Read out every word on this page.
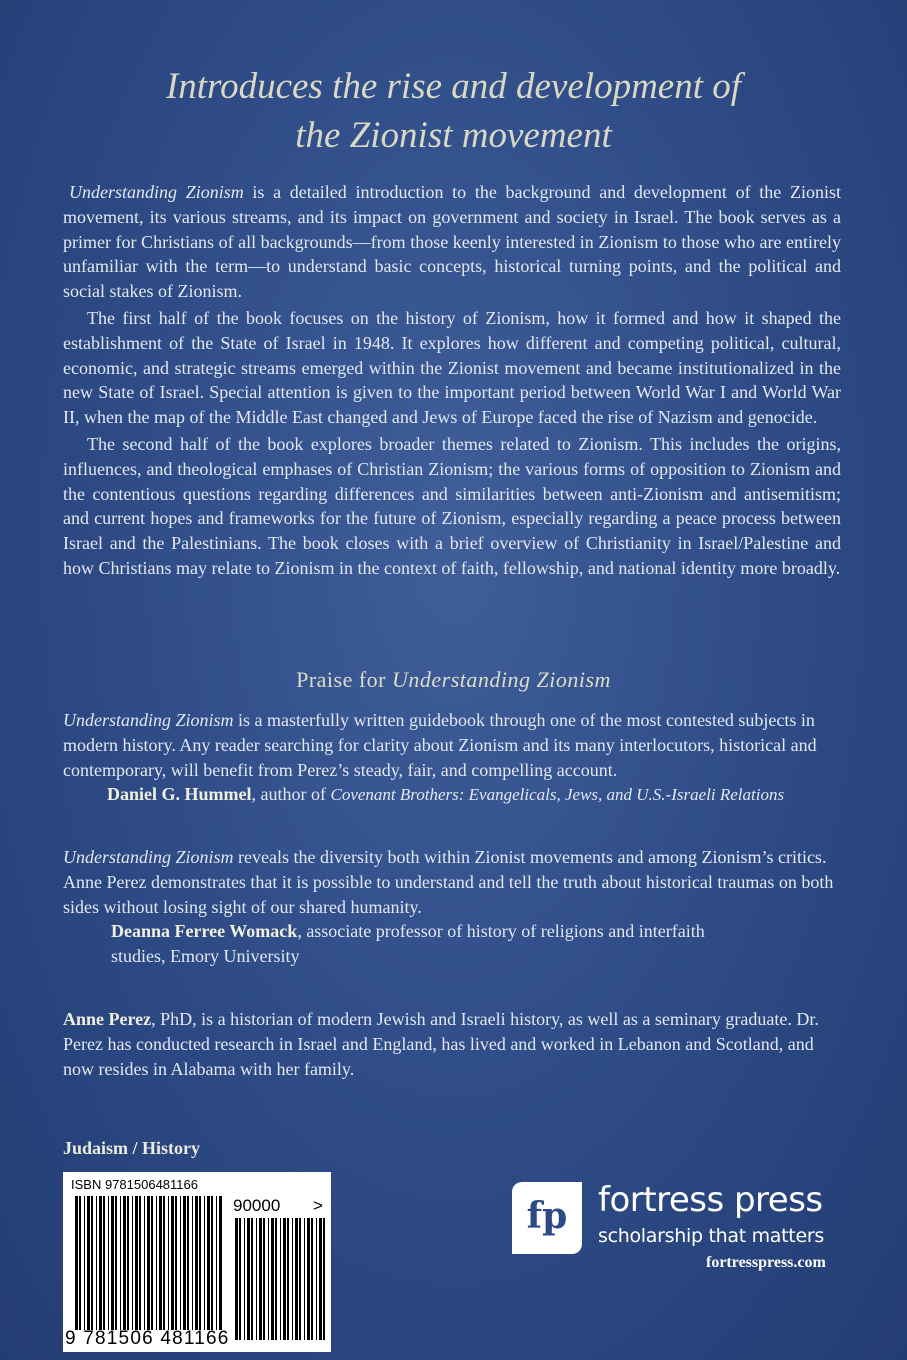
Introduces the rise and development of
the Zionist movement

Understanding Zionism is a detailed introduction to the background and development of the Zionist movement, its various streams, and its impact on government and society in Israel. The book serves as a primer for Christians of all backgrounds—from those keenly interested in Zionism to those who are entirely unfamiliar with the term—to understand basic concepts, historical turning points, and the political and social stakes of Zionism.

The first half of the book focuses on the history of Zionism, how it formed and how it shaped the establishment of the State of Israel in 1948. It explores how different and competing political, cultural, economic, and strategic streams emerged within the Zionist movement and became institutionalized in the new State of Israel. Special attention is given to the important period between World War I and World War II, when the map of the Middle East changed and Jews of Europe faced the rise of Nazism and genocide.

The second half of the book explores broader themes related to Zionism. This includes the origins, influences, and theological emphases of Christian Zionism; the various forms of opposition to Zionism and the contentious questions regarding differences and similarities between anti-Zionism and antisemitism; and current hopes and frameworks for the future of Zionism, especially regarding a peace process between Israel and the Palestinians. The book closes with a brief overview of Christianity in Israel/Palestine and how Christians may relate to Zionism in the context of faith, fellowship, and national identity more broadly.

Praise for Understanding Zionism
Understanding Zionism is a masterfully written guidebook through one of the most contested subjects in modern history. Any reader searching for clarity about Zionism and its many interlocutors, historical and contemporary, will benefit from Perez’s steady, fair, and compelling account.
Daniel G. Hummel, author of Covenant Brothers: Evangelicals, Jews, and U.S.-Israeli Relations
Understanding Zionism reveals the diversity both within Zionist movements and among Zionism’s critics. Anne Perez demonstrates that it is possible to understand and tell the truth about historical traumas on both sides without losing sight of our shared humanity.
Deanna Ferree Womack, associate professor of history of religions and interfaith
studies, Emory University
Anne Perez, PhD, is a historian of modern Jewish and Israeli history, as well as a seminary graduate. Dr. Perez has conducted research in Israel and England, has lived and worked in Lebanon and Scotland, and now resides in Alabama with her family.
Judaism / History
ISBN 9781506481166
90000 >
9 781506 481166
fp fortress press
scholarship that matters
fortresspress.com
